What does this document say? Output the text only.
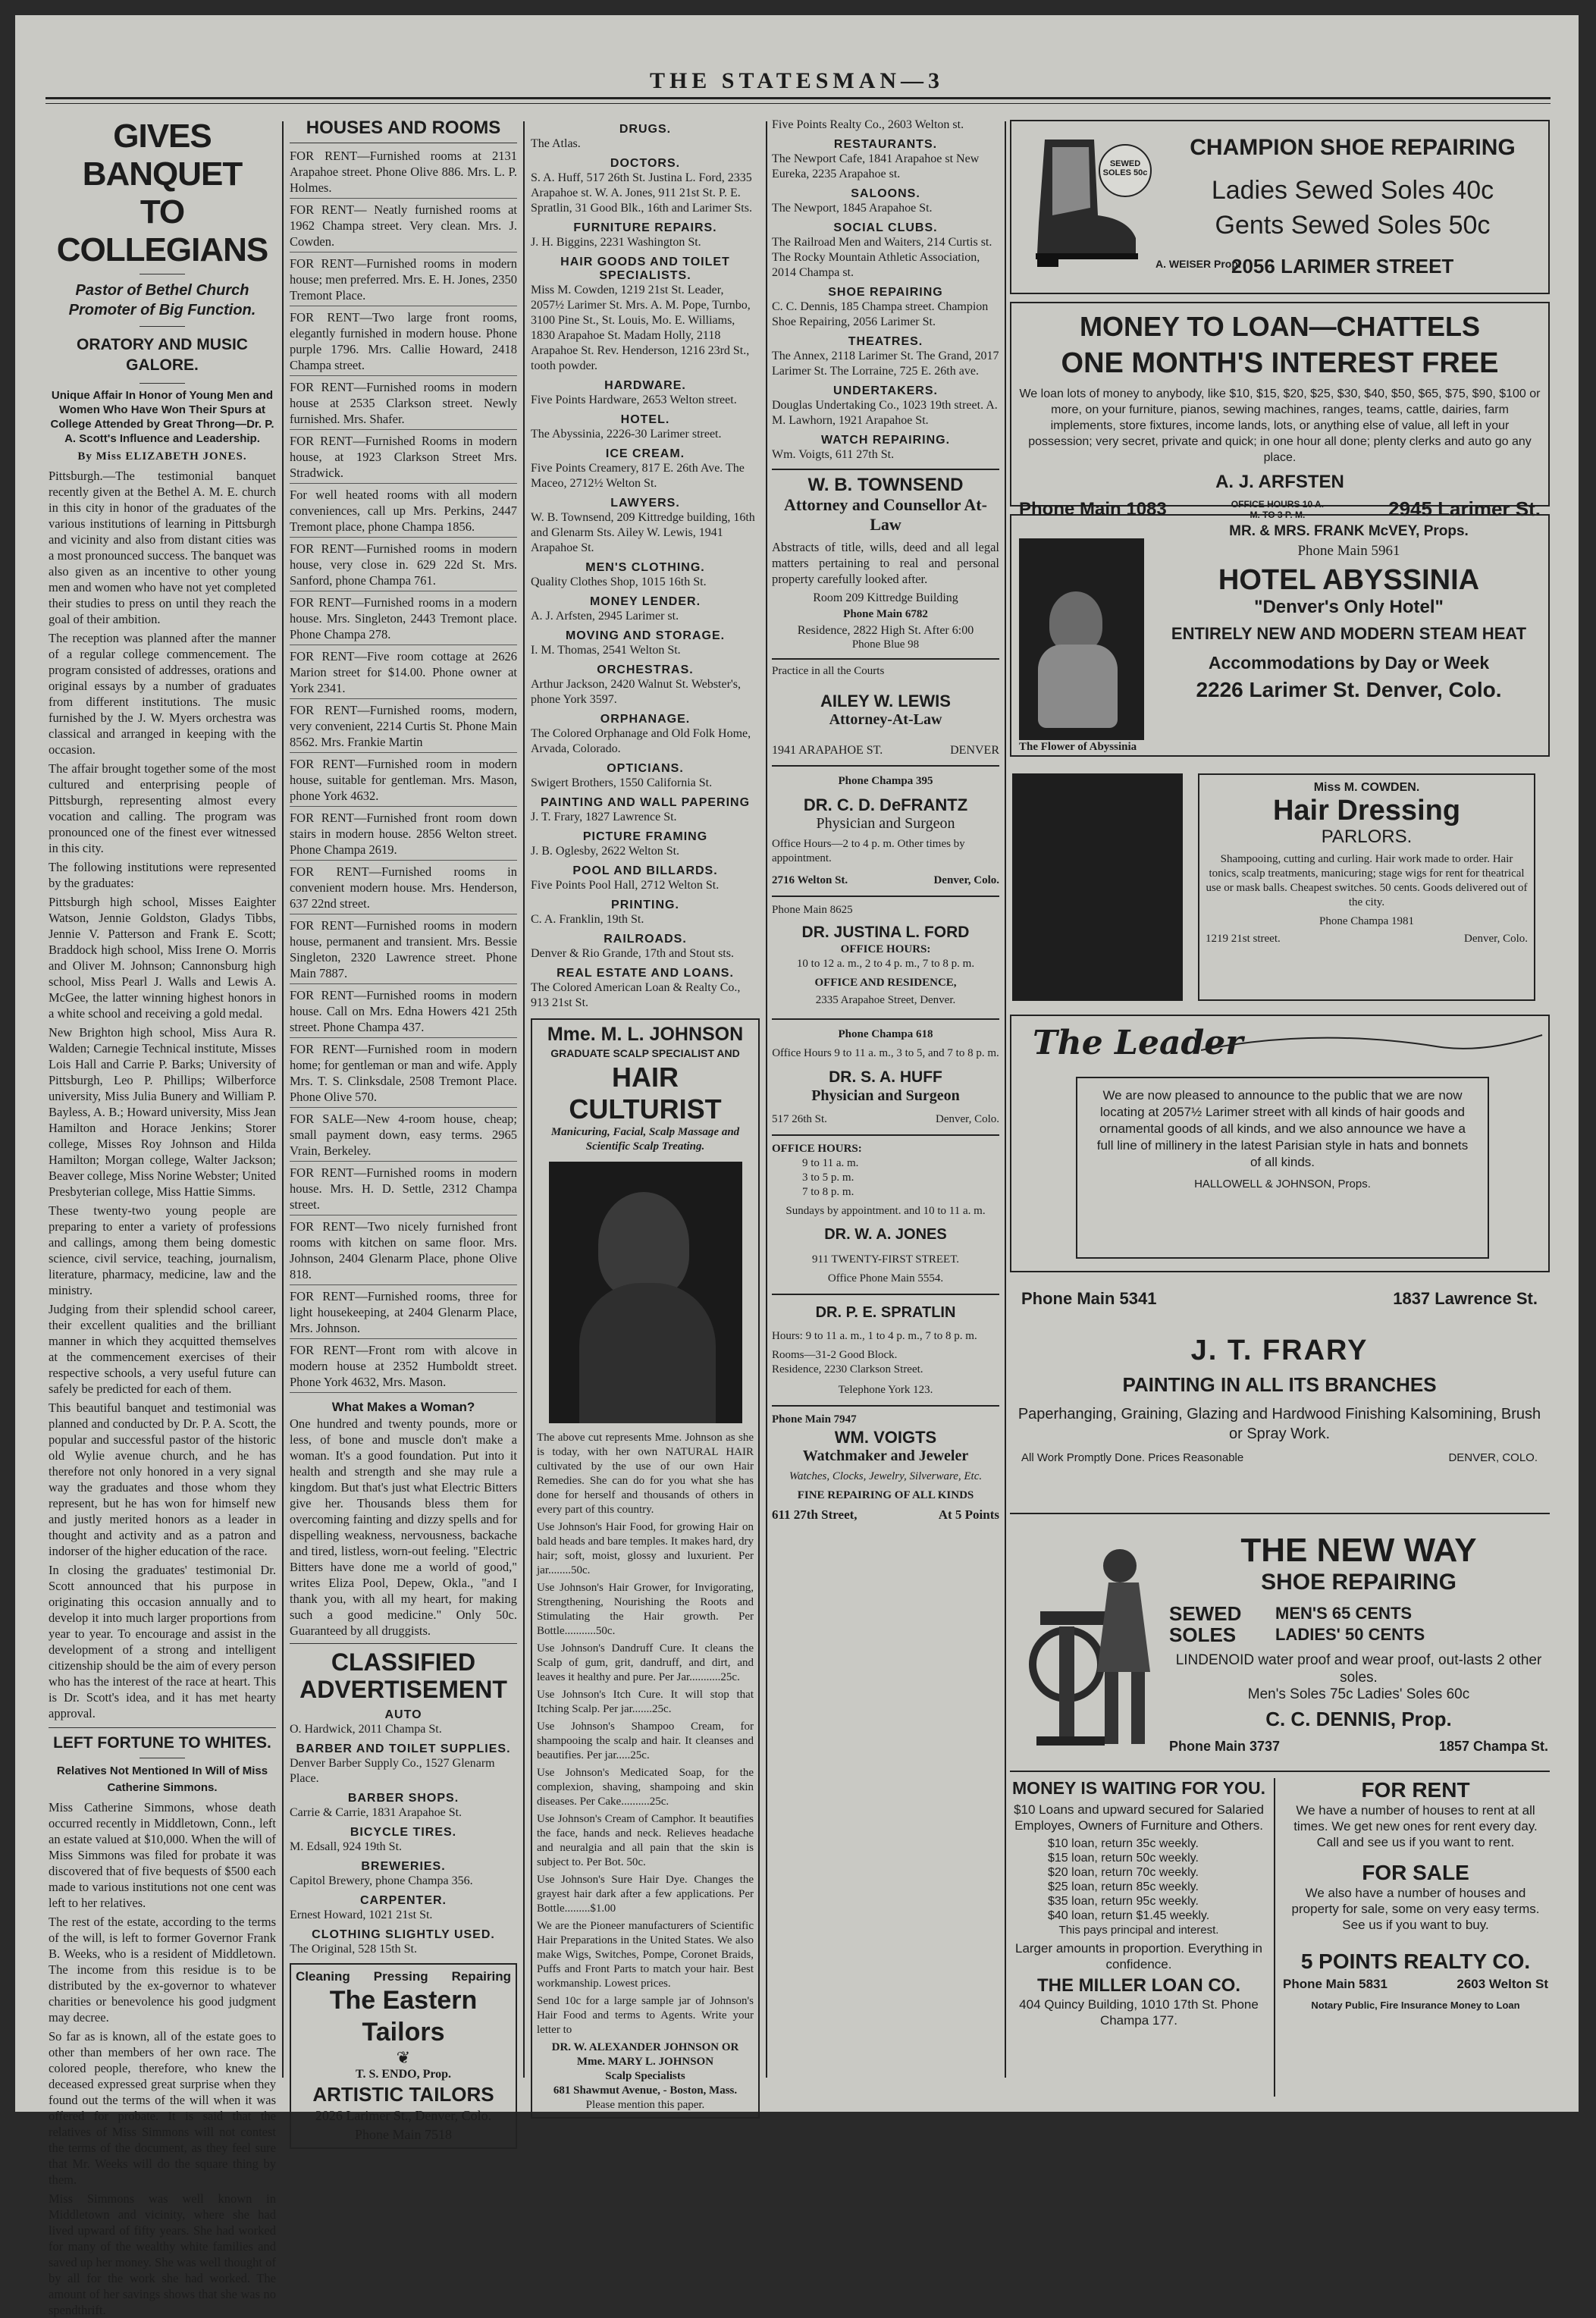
THE STATESMAN—3
GIVES BANQUET
TO COLLEGIANS
Pastor of Bethel Church Promoter of Big Function.
ORATORY AND MUSIC GALORE.

Unique Affair In Honor of Young Men and Women Who Have Won Their Spurs at College Attended by Great Throng—Dr. P. A. Scott's Influence and Leadership.

By Miss ELIZABETH JONES.

Pittsburgh.—The testimonial banquet recently given at the Bethel A. M. E. church in this city in honor of the graduates of the various institutions of learning in Pittsburgh and vicinity and also from distant cities was a most pronounced success. The banquet was also given as an incentive to other young men and women who have not yet completed their studies to press on until they reach the goal of their ambition.

The reception was planned after the manner of a regular college commencement. The program consisted of addresses, orations and original essays by a number of graduates from different institutions. The music furnished by the J. W. Myers orchestra was classical and arranged in keeping with the occasion.

The affair brought together some of the most cultured and enterprising people of Pittsburgh, representing almost every vocation and calling. The program was pronounced one of the finest ever witnessed in this city.

The following institutions were represented by the graduates:

Pittsburgh high school, Misses Eaighter Watson, Jennie Goldston, Gladys Tibbs, Jennie V. Patterson and Frank E. Scott; Braddock high school, Miss Irene O. Morris and Oliver M. Johnson; Cannonsburg high school, Miss Pearl J. Walls and Lewis A. McGee, the latter winning highest honors in a white school and receiving a gold medal.

New Brighton high school, Miss Aura R. Walden; Carnegie Technical institute, Misses Lois Hall and Carrie P. Barks; University of Pittsburgh, Leo P. Phillips; Wilberforce university, Miss Julia Bunery and William P. Bayless, A. B.; Howard university, Miss Jean Hamilton and Horace Jenkins; Storer college, Misses Roy Johnson and Hilda Hamilton; Morgan college, Walter Jackson; Beaver college, Miss Norine Webster; United Presbyterian college, Miss Hattie Simms.

These twenty-two young people are preparing to enter a variety of professions and callings, among them being domestic science, civil service, teaching, journalism, literature, pharmacy, medicine, law and the ministry.

Judging from their splendid school career, their excellent qualities and the brilliant manner in which they acquitted themselves at the commencement exercises of their respective schools, a very useful future can safely be predicted for each of them.

This beautiful banquet and testimonial was planned and conducted by Dr. P. A. Scott, the popular and successful pastor of the historic old Wylie avenue church, and he has therefore not only honored in a very signal way the graduates and those whom they represent, but he has won for himself new and justly merited honors as a leader in thought and activity and as a patron and indorser of the higher education of the race.

In closing the graduates' testimonial Dr. Scott announced that his purpose in originating this occasion annually and to develop it into much larger proportions from year to year. To encourage and assist in the development of a strong and intelligent citizenship should be the aim of every person who has the interest of the race at heart. This is Dr. Scott's idea, and it has met hearty approval.

LEFT FORTUNE TO WHITES.
Relatives Not Mentioned In Will of Miss Catherine Simmons.

Miss Catherine Simmons, whose death occurred recently in Middletown, Conn., left an estate valued at $10,000. When the will of Miss Simmons was filed for probate it was discovered that of five bequests of $500 each made to various institutions not one cent was left to her relatives.

The rest of the estate, according to the terms of the will, is left to former Governor Frank B. Weeks, who is a resident of Middletown. The income from this residue is to be distributed by the ex-governor to whatever charities or benevolence his good judgment may decree.

So far as is known, all of the estate goes to other than members of her own race. The colored people, therefore, who knew the deceased expressed great surprise when they found out the terms of the will when it was offered for probate. It is said that the relatives of Miss Simmons will not contest the terms of the document, as they feel sure that Mr. Weeks will do the square thing by them.

Miss Simmons was well known in Middletown and vicinity, where she had lived upward of fifty years. She had worked for many of the wealthy white families and saved up her money. She was well thought of by all for the work she had worked. The amount of her savings shows that she was no spendthrift.

HOUSES AND ROOMS

FOR RENT—Furnished rooms at 2131 Arapahoe street. Phone Olive 886. Mrs. L. P. Holmes.

FOR RENT— Neatly furnished rooms at 1962 Champa street. Very clean. Mrs. J. Cowden.

FOR RENT—Furnished rooms in modern house; men preferred. Mrs. E. H. Jones, 2350 Tremont Place.

FOR RENT—Two large front rooms, elegantly furnished in modern house. Phone purple 1796. Mrs. Callie Howard, 2418 Champa street.

FOR RENT—Furnished rooms in modern house at 2535 Clarkson street. Newly furnished. Mrs. Shafer.

FOR RENT—Furnished Rooms in modern house, at 1923 Clarkson Street Mrs. Stradwick.

For well heated rooms with all modern conveniences, call up Mrs. Perkins, 2447 Tremont place, phone Champa 1856.

FOR RENT—Furnished rooms in modern house, very close in. 629 22d St. Mrs. Sanford, phone Champa 761.

FOR RENT—Furnished rooms in a modern house. Mrs. Singleton, 2443 Tremont place. Phone Champa 278.

FOR RENT—Five room cottage at 2626 Marion street for $14.00. Phone owner at York 2341.

FOR RENT—Furnished rooms, modern, very convenient, 2214 Curtis St. Phone Main 8562. Mrs. Frankie Martin

FOR RENT—Furnished room in modern house, suitable for gentleman. Mrs. Mason, phone York 4632.

FOR RENT—Furnished front room down stairs in modern house. 2856 Welton street. Phone Champa 2619.

FOR RENT—Furnished rooms in convenient modern house. Mrs. Henderson, 637 22nd street.

FOR RENT—Furnished rooms in modern house, permanent and transient. Mrs. Bessie Singleton, 2320 Lawrence street. Phone Main 7887.

FOR RENT—Furnished rooms in modern house. Call on Mrs. Edna Howers 421 25th street. Phone Champa 437.

FOR RENT—Furnished room in modern home; for gentleman or man and wife. Apply Mrs. T. S. Clinksdale, 2508 Tremont Place. Phone Olive 570.

FOR SALE—New 4-room house, cheap; small payment down, easy terms. 2965 Vrain, Berkeley.

FOR RENT—Furnished rooms in modern house. Mrs. H. D. Settle, 2312 Champa street.

FOR RENT—Two nicely furnished front rooms with kitchen on same floor. Mrs. Johnson, 2404 Glenarm Place, phone Olive 818.

FOR RENT—Furnished rooms, three for light housekeeping, at 2404 Glenarm Place, Mrs. Johnson.

FOR RENT—Front rom with alcove in modern house at 2352 Humboldt street. Phone York 4632, Mrs. Mason.

What Makes a Woman?

One hundred and twenty pounds, more or less, of bone and muscle don't make a woman. It's a good foundation. Put into it health and strength and she may rule a kingdom. But that's just what Electric Bitters give her. Thousands bless them for overcoming fainting and dizzy spells and for dispelling weakness, nervousness, backache and tired, listless, worn-out feeling. "Electric Bitters have done me a world of good," writes Eliza Pool, Depew, Okla., "and I thank you, with all my heart, for making such a good medicine." Only 50c. Guaranteed by all druggists.

CLASSIFIED
ADVERTISEMENT
AUTO
O. Hardwick, 2011 Champa St.
BARBER AND TOILET SUPPLIES.
Denver Barber Supply Co., 1527 Glenarm Place.
BARBER SHOPS.
Carrie & Carrie, 1831 Arapahoe St.
BICYCLE TIRES.
M. Edsall, 924 19th St.
BREWERIES.
Capitol Brewery, phone Champa 356.
CARPENTER.
Ernest Howard, 1021 21st St.
CLOTHING SLIGHTLY USED.
The Original, 528 15th St.
Cleaning Pressing Repairing
The Eastern Tailors
❦
T. S. ENDO, Prop.
ARTISTIC TAILORS
2026 Larimer St., Denver, Colo.
Phone Main 7518
DRUGS.
The Atlas.
DOCTORS.
S. A. Huff, 517 26th St. Justina L. Ford, 2335 Arapahoe st. W. A. Jones, 911 21st St. P. E. Spratlin, 31 Good Blk., 16th and Larimer Sts.
FURNITURE REPAIRS.
J. H. Biggins, 2231 Washington St.
HAIR GOODS AND TOILET SPECIALISTS.
Miss M. Cowden, 1219 21st St. Leader, 2057½ Larimer St. Mrs. A. M. Pope, Turnbo, 3100 Pine St., St. Louis, Mo. E. Williams, 1830 Arapahoe St. Madam Holly, 2118 Arapahoe St. Rev. Henderson, 1216 23rd St., tooth powder.
HARDWARE.
Five Points Hardware, 2653 Welton street.
HOTEL.
The Abyssinia, 2226-30 Larimer street.
ICE CREAM.
Five Points Creamery, 817 E. 26th Ave. The Maceo, 2712½ Welton St.
LAWYERS.
W. B. Townsend, 209 Kittredge building, 16th and Glenarm Sts. Ailey W. Lewis, 1941 Arapahoe St.
MEN'S CLOTHING.
Quality Clothes Shop, 1015 16th St.
MONEY LENDER.
A. J. Arfsten, 2945 Larimer st.
MOVING AND STORAGE.
I. M. Thomas, 2541 Welton St.
ORCHESTRAS.
Arthur Jackson, 2420 Walnut St. Webster's, phone York 3597.
ORPHANAGE.
The Colored Orphanage and Old Folk Home, Arvada, Colorado.
OPTICIANS.
Swigert Brothers, 1550 California St.
PAINTING AND WALL PAPERING
J. T. Frary, 1827 Lawrence St.
PICTURE FRAMING
J. B. Oglesby, 2622 Welton St.
POOL AND BILLARDS.
Five Points Pool Hall, 2712 Welton St.
PRINTING.
C. A. Franklin, 19th St.
RAILROADS.
Denver & Rio Grande, 17th and Stout sts.
REAL ESTATE AND LOANS.
The Colored American Loan & Realty Co., 913 21st St.
Mme. M. L. JOHNSON
GRADUATE SCALP SPECIALIST AND
HAIR CULTURIST
Manicuring, Facial, Scalp Massage and Scientific Scalp Treating.

The above cut represents Mme. Johnson as she is today, with her own NATURAL HAIR cultivated by the use of our own Hair Remedies. She can do for you what she has done for herself and thousands of others in every part of this country.

Use Johnson's Hair Food, for growing Hair on bald heads and bare temples. It makes hard, dry hair; soft, moist, glossy and luxurient. Per jar........50c.

Use Johnson's Hair Grower, for Invigorating, Strengthening, Nourishing the Roots and Stimulating the Hair growth. Per Bottle...........50c.

Use Johnson's Dandruff Cure. It cleans the Scalp of gum, grit, dandruff, and dirt, and leaves it healthy and pure. Per Jar...........25c.

Use Johnson's Itch Cure. It will stop that Itching Scalp. Per jar.......25c.

Use Johnson's Shampoo Cream, for shampooing the scalp and hair. It cleanses and beautifies. Per jar.....25c.

Use Johnson's Medicated Soap, for the complexion, shaving, shampoing and skin diseases. Per Cake..........25c.

Use Johnson's Cream of Camphor. It beautifies the face, hands and neck. Relieves headache and neuralgia and all pain that the skin is subject to. Per Bot. 50c.

Use Johnson's Sure Hair Dye. Changes the grayest hair dark after a few applications. Per Bottle.........$1.00

We are the Pioneer manufacturers of Scientific Hair Preparations in the United States. We also make Wigs, Switches, Pompe, Coronet Braids, Puffs and Front Parts to match your hair. Best workmanship. Lowest prices.

Send 10c for a large sample jar of Johnson's Hair Food and terms to Agents. Write your letter to

DR. W. ALEXANDER JOHNSON OR Mme. MARY L. JOHNSON
Scalp Specialists
681 Shawmut Avenue, - Boston, Mass.
Please mention this paper.
Five Points Realty Co., 2603 Welton st.
RESTAURANTS.
The Newport Cafe, 1841 Arapahoe st New Eureka, 2235 Arapahoe st.
SALOONS.
The Newport, 1845 Arapahoe St.
SOCIAL CLUBS.
The Railroad Men and Waiters, 214 Curtis st. The Rocky Mountain Athletic Association, 2014 Champa st.
SHOE REPAIRING
C. C. Dennis, 185 Champa street. Champion Shoe Repairing, 2056 Larimer St.
THEATRES.
The Annex, 2118 Larimer St. The Grand, 2017 Larimer St. The Lorraine, 725 E. 26th ave.
UNDERTAKERS.
Douglas Undertaking Co., 1023 19th street. A. M. Lawhorn, 1921 Arapahoe St.
WATCH REPAIRING.
Wm. Voigts, 611 27th St.
W. B. TOWNSEND
Attorney and Counsellor At-Law

Abstracts of title, wills, deed and all legal matters pertaining to real and personal property carefully looked after.

Room 209 Kittredge Building
Phone Main 6782
Residence, 2822 High St. After 6:00
Phone Blue 98
Practice in all the Courts
AILEY W. LEWIS
Attorney-At-Law
1941 ARAPAHOE ST.	DENVER
Phone Champa 395
DR. C. D. DeFRANTZ
Physician and Surgeon
Office Hours—2 to 4 p. m. Other times by appointment.
2716 Welton St.	Denver, Colo.
Phone Main 8625
DR. JUSTINA L. FORD
OFFICE HOURS:
10 to 12 a. m., 2 to 4 p. m., 7 to 8 p. m.
OFFICE AND RESIDENCE,
2335 Arapahoe Street, Denver.
Phone Champa 618
Office Hours 9 to 11 a. m., 3 to 5, and 7 to 8 p. m.
DR. S. A. HUFF
Physician and Surgeon
517 26th St.	Denver, Colo.
OFFICE HOURS:
9 to 11 a. m.
3 to 5 p. m.
7 to 8 p. m.
Sundays by appointment. and 10 to 11 a. m.
DR. W. A. JONES
911 TWENTY-FIRST STREET.
Office Phone Main 5554.
DR. P. E. SPRATLIN
Hours: 9 to 11 a. m., 1 to 4 p. m., 7 to 8 p. m.
Rooms—31-2 Good Block.
Residence, 2230 Clarkson Street.
Telephone York 123.
Phone Main 7947
WM. VOIGTS
Watchmaker and Jeweler
Watches, Clocks, Jewelry, Silverware, Etc.
FINE REPAIRING OF ALL KINDS
611 27th Street,	At 5 Points
SEWED SOLES 50c
CHAMPION SHOE REPAIRING
Ladies Sewed Soles 40c
Gents Sewed Soles 50c
A. WEISER Prop.
2056 LARIMER STREET
MONEY TO LOAN—CHATTELS
ONE MONTH'S INTEREST FREE
We loan lots of money to anybody, like $10, $15, $20, $25, $30, $40, $50, $65, $75, $90, $100 or more, on your furniture, pianos, sewing machines, ranges, teams, cattle, dairies, farm implements, store fixtures, income lands, lots, or anything else of value, all left in your possession; very secret, private and quick; in one hour all done; plenty clerks and auto go any place.
A. J. ARFSTEN
Phone Main 1083	OFFICE HOURS 10 A. M. TO 3 P. M.	2945 Larimer St.
The Flower of Abyssinia
MR. & MRS. FRANK McVEY, Props.
Phone Main 5961
HOTEL ABYSSINIA
"Denver's Only Hotel"
ENTIRELY NEW AND MODERN STEAM HEAT
Accommodations by Day or Week
2226 Larimer St. Denver, Colo.
Miss M. COWDEN.
Hair Dressing
PARLORS.
Shampooing, cutting and curling. Hair work made to order. Hair tonics, scalp treatments, manicuring; stage wigs for rent for theatrical use or mask balls. Cheapest switches. 50 cents. Goods delivered out of the city.
Phone Champa 1981
1219 21st street.	Denver, Colo.
The Leader
We are now pleased to announce to the public that we are now locating at 2057½ Larimer street with all kinds of hair goods and ornamental goods of all kinds, and we also announce we have a full line of millinery in the latest Parisian style in hats and bonnets of all kinds.
HALLOWELL & JOHNSON, Props.
Phone Main 5341	1837 Lawrence St.
J. T. FRARY
PAINTING IN ALL ITS BRANCHES
Paperhanging, Graining, Glazing and Hardwood Finishing Kalsomining, Brush or Spray Work.
All Work Promptly Done. Prices Reasonable	DENVER, COLO.
THE NEW WAY
SHOE REPAIRING
SEWED SOLES
MEN'S 65 CENTS
LADIES' 50 CENTS
LINDENOID water proof and wear proof, out-lasts 2 other soles.
Men's Soles 75c Ladies' Soles 60c
C. C. DENNIS, Prop.
Phone Main 3737	1857 Champa St.
MONEY IS WAITING FOR YOU.
$10 Loans and upward secured for Salaried Employes, Owners of Furniture and Others.
$10 loan, return 35c weekly.
$15 loan, return 50c weekly.
$20 loan, return 70c weekly.
$25 loan, return 85c weekly.
$35 loan, return 95c weekly.
$40 loan, return $1.45 weekly.
This pays principal and interest.
Larger amounts in proportion. Everything in confidence.
THE MILLER LOAN CO.
404 Quincy Building, 1010 17th St. Phone Champa 177.
FOR RENT
We have a number of houses to rent at all times. We get new ones for rent every day. Call and see us if you want to rent.
FOR SALE
We also have a number of houses and property for sale, some on very easy terms. See us if you want to buy.
5 POINTS REALTY CO.
Phone Main 5831	2603 Welton St
Notary Public, Fire Insurance Money to Loan
